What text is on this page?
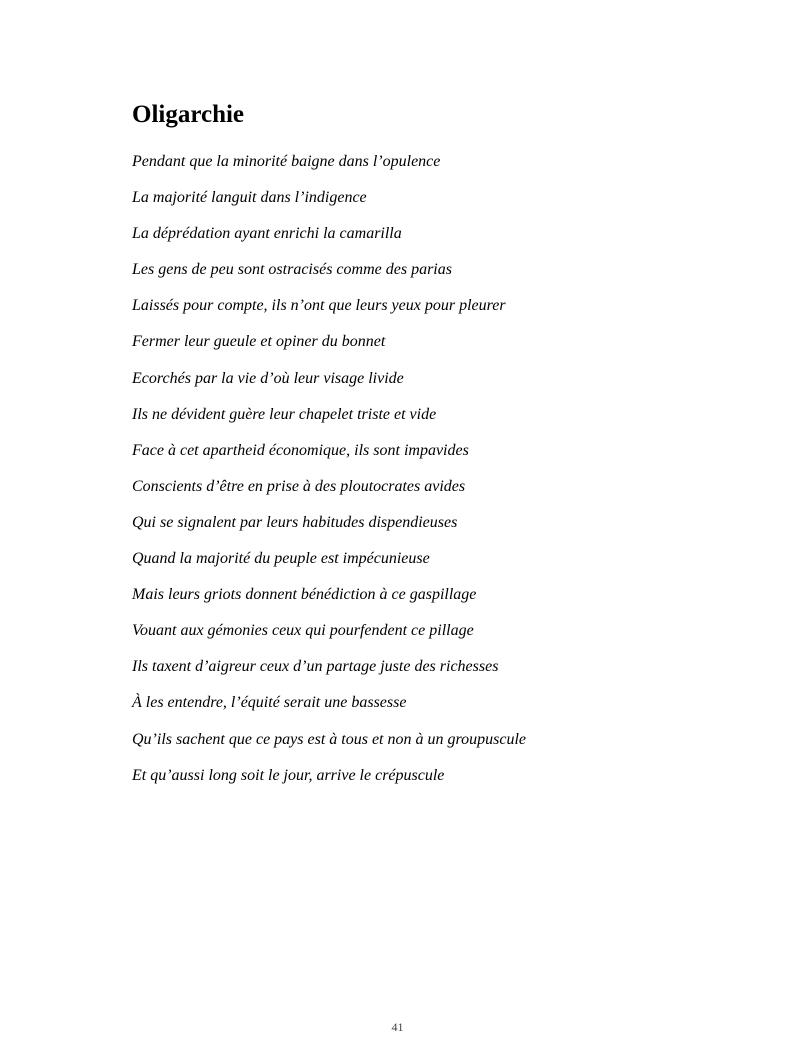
Oligarchie
Pendant que la minorité baigne dans l’opulence
La majorité languit dans l’indigence
La déprédation ayant enrichi la camarilla
Les gens de peu sont ostracisés comme des parias
Laissés pour compte, ils n’ont que leurs yeux pour pleurer
Fermer leur gueule et opiner du bonnet
Ecorchés par la vie d’où leur visage livide
Ils ne dévident guère leur chapelet triste et vide
Face à cet apartheid économique, ils sont impavides
Conscients d’être en prise à des ploutocrates avides
Qui se signalent par leurs habitudes dispendieuses
Quand la majorité du peuple est impécunieuse
Mais leurs griots donnent bénédiction à ce gaspillage
Vouant aux gémonies ceux qui pourfendent ce pillage
Ils taxent d’aigreur ceux d’un partage juste des richesses
À les entendre, l’équité serait une bassesse
Qu’ils sachent que ce pays est à tous et non à un groupuscule
Et qu’aussi long soit le jour, arrive le crépuscule
41
